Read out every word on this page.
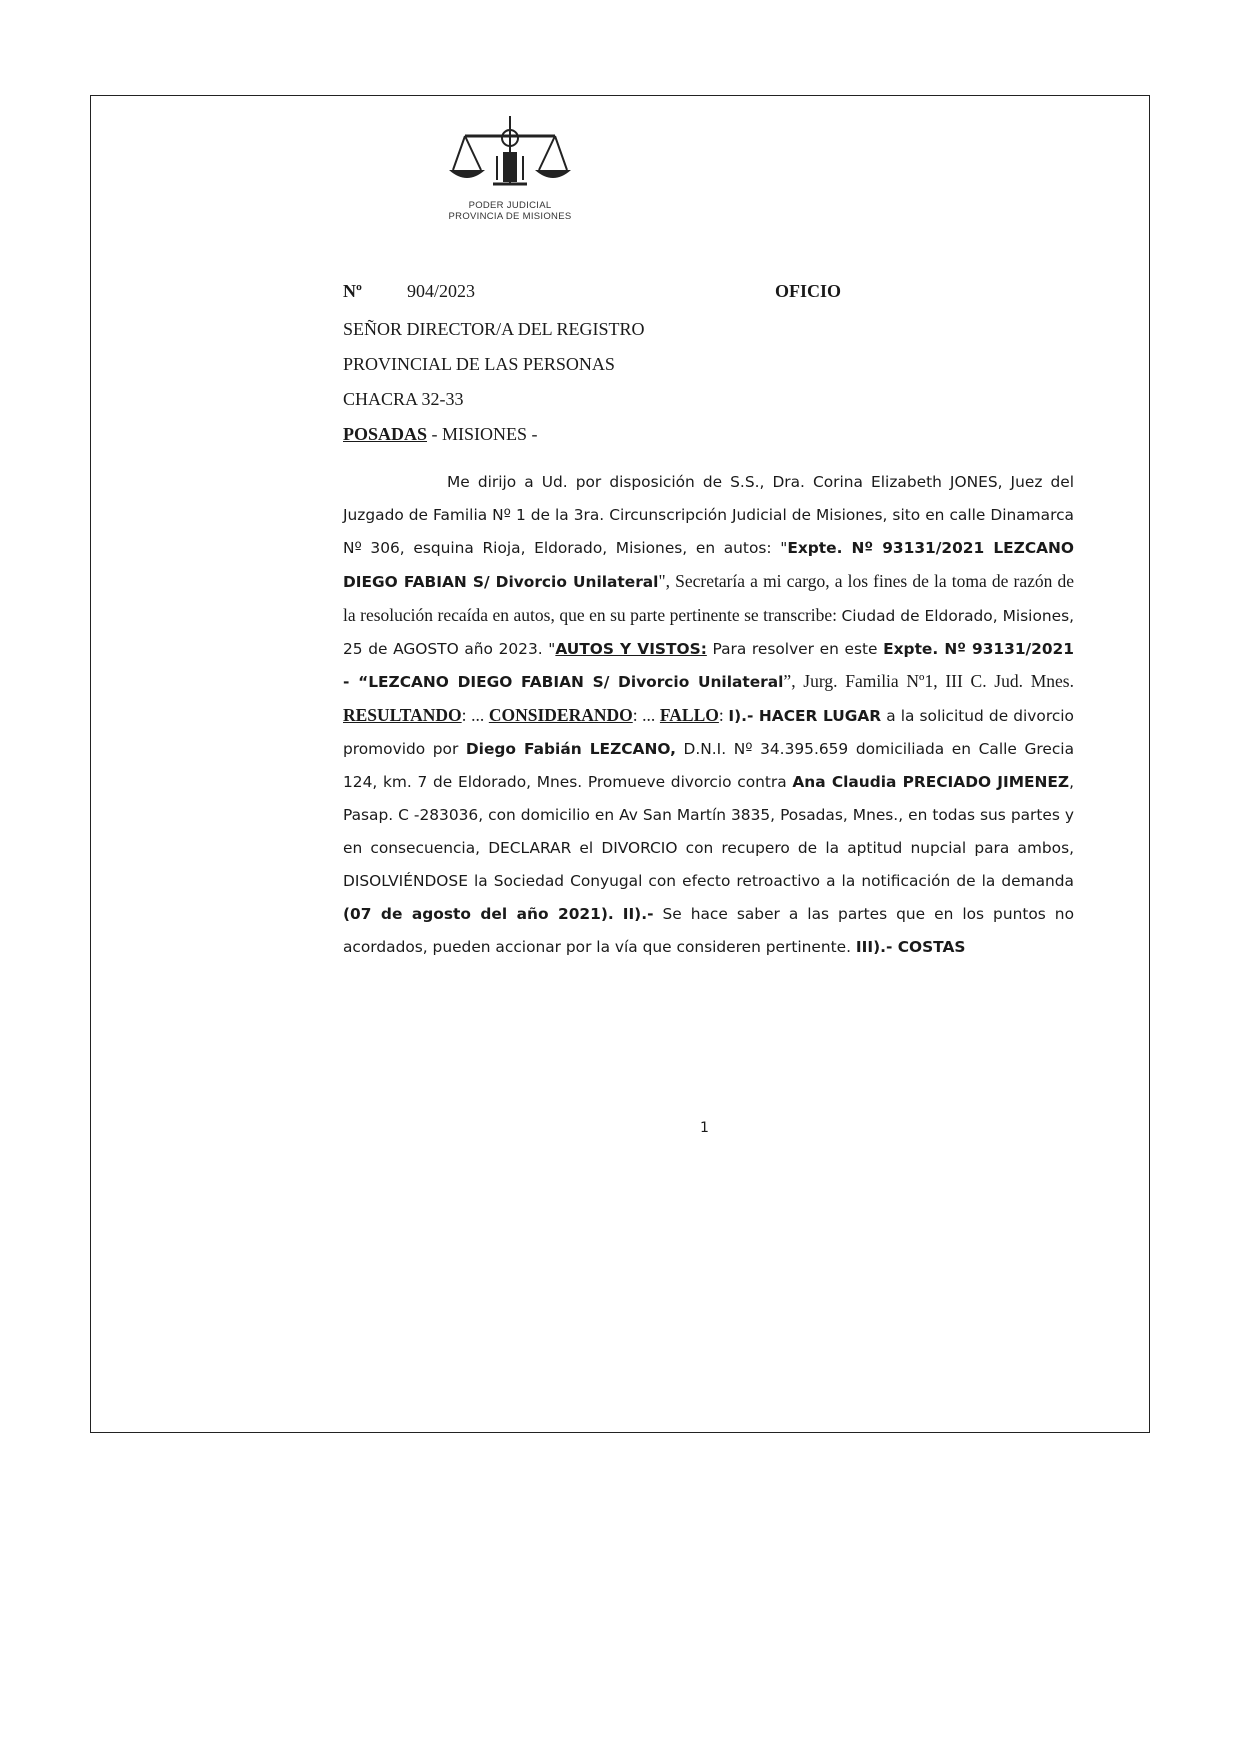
PODER JUDICIAL
PROVINCIA DE MISIONES
Nº	904/2023	OFICIO
SEÑOR DIRECTOR/A DEL REGISTRO
PROVINCIAL DE LAS PERSONAS
CHACRA 32-33
POSADAS - MISIONES -
Me dirijo a Ud. por disposición de S.S., Dra. Corina Elizabeth JONES, Juez del Juzgado de Familia Nº 1 de la 3ra. Circunscripción Judicial de Misiones, sito en calle Dinamarca Nº 306, esquina Rioja, Eldorado, Misiones, en autos: "Expte. Nº 93131/2021 LEZCANO DIEGO FABIAN S/ Divorcio Unilateral", Secretaría a mi cargo, a los fines de la toma de razón de la resolución recaída en autos, que en su parte pertinente se transcribe: Ciudad de Eldorado, Misiones, 25 de AGOSTO año 2023. "AUTOS Y VISTOS: Para resolver en este Expte. Nº 93131/2021 - “LEZCANO DIEGO FABIAN S/ Divorcio Unilateral”, Jurg. Familia Nº1, III C. Jud. Mnes. RESULTANDO: ... CONSIDERANDO: ... FALLO: I).- HACER LUGAR a la solicitud de divorcio promovido por Diego Fabián LEZCANO, D.N.I. Nº 34.395.659 domiciliada en Calle Grecia 124, km. 7 de Eldorado, Mnes. Promueve divorcio contra Ana Claudia PRECIADO JIMENEZ, Pasap. C -283036, con domicilio en Av San Martín 3835, Posadas, Mnes., en todas sus partes y en consecuencia, DECLARAR el DIVORCIO con recupero de la aptitud nupcial para ambos, DISOLVIÉNDOSE la Sociedad Conyugal con efecto retroactivo a la notificación de la demanda (07 de agosto del año 2021). II).- Se hace saber a las partes que en los puntos no acordados, pueden accionar por la vía que consideren pertinente. III).- COSTAS
1
